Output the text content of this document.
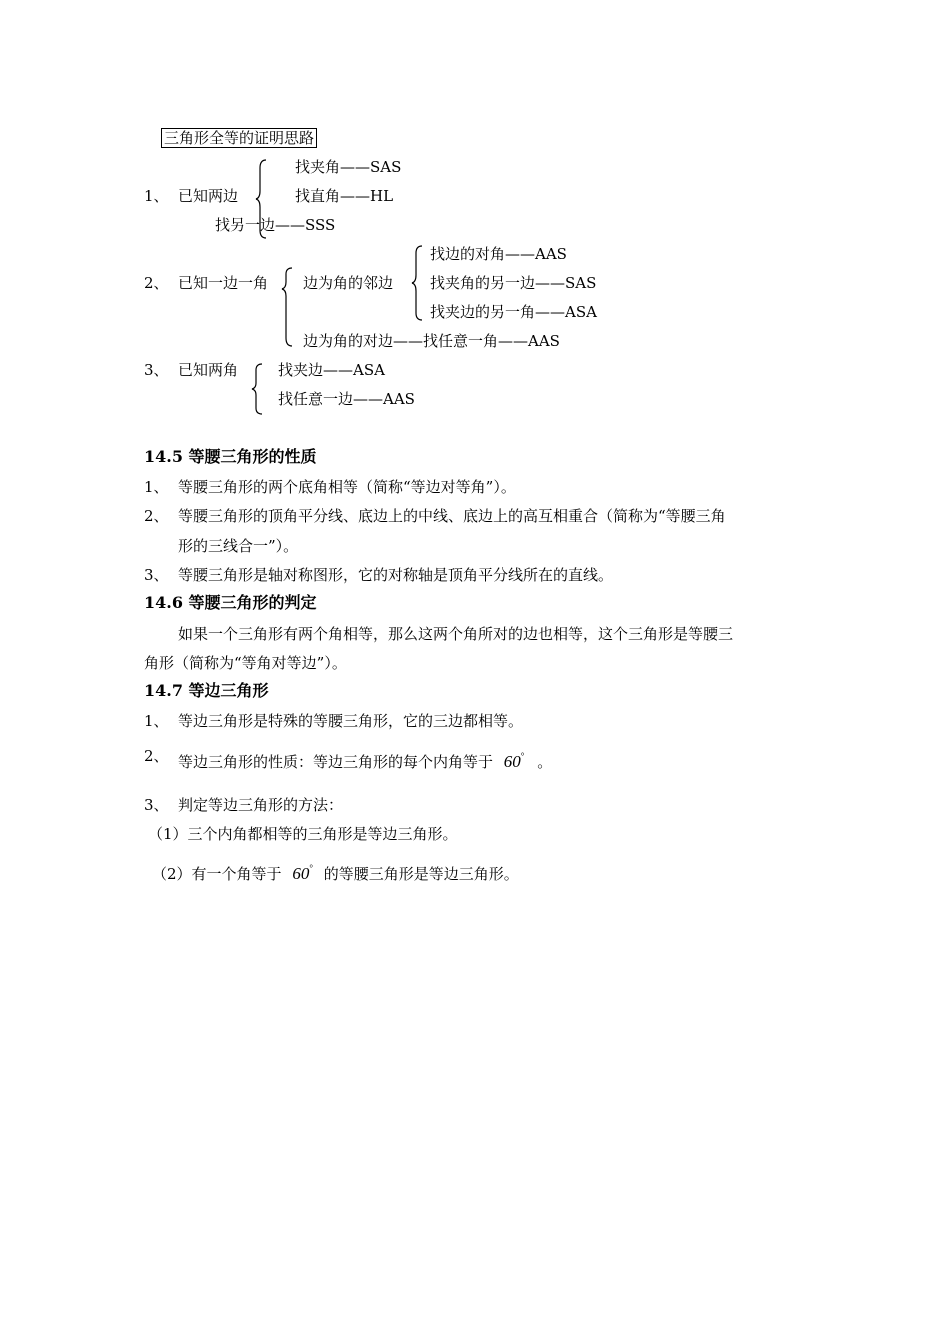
三角形全等的证明思路
1、 已知两边
找夹角——SAS
找直角——HL
找另一边——SSS
2、 已知一边一角 边为角的邻边
找边的对角——AAS
找夹角的另一边——SAS
找夹边的另一角——ASA
边为角的对边——找任意一角——AAS
3、 已知两角	找夹边——ASA
找任意一边——AAS
14.5 等腰三角形的性质
1、 等腰三角形的两个底角相等（简称“等边对等角”）。
2、 等腰三角形的顶角平分线、底边上的中线、底边上的高互相重合（简称为“等腰三角
形的三线合一”）。
3、 等腰三角形是轴对称图形，它的对称轴是顶角平分线所在的直线。
14.6 等腰三角形的判定
如果一个三角形有两个角相等，那么这两个角所对的边也相等，这个三角形是等腰三
角形（简称为“等角对等边”）。
14.7 等边三角形
1、 等边三角形是特殊的等腰三角形，它的三边都相等。
2、 等边三角形的性质：等边三角形的每个内角等于 60° 。
3、 判定等边三角形的方法：
（1）三个内角都相等的三角形是等边三角形。
（2）有一个角等于 60° 的等腰三角形是等边三角形。
